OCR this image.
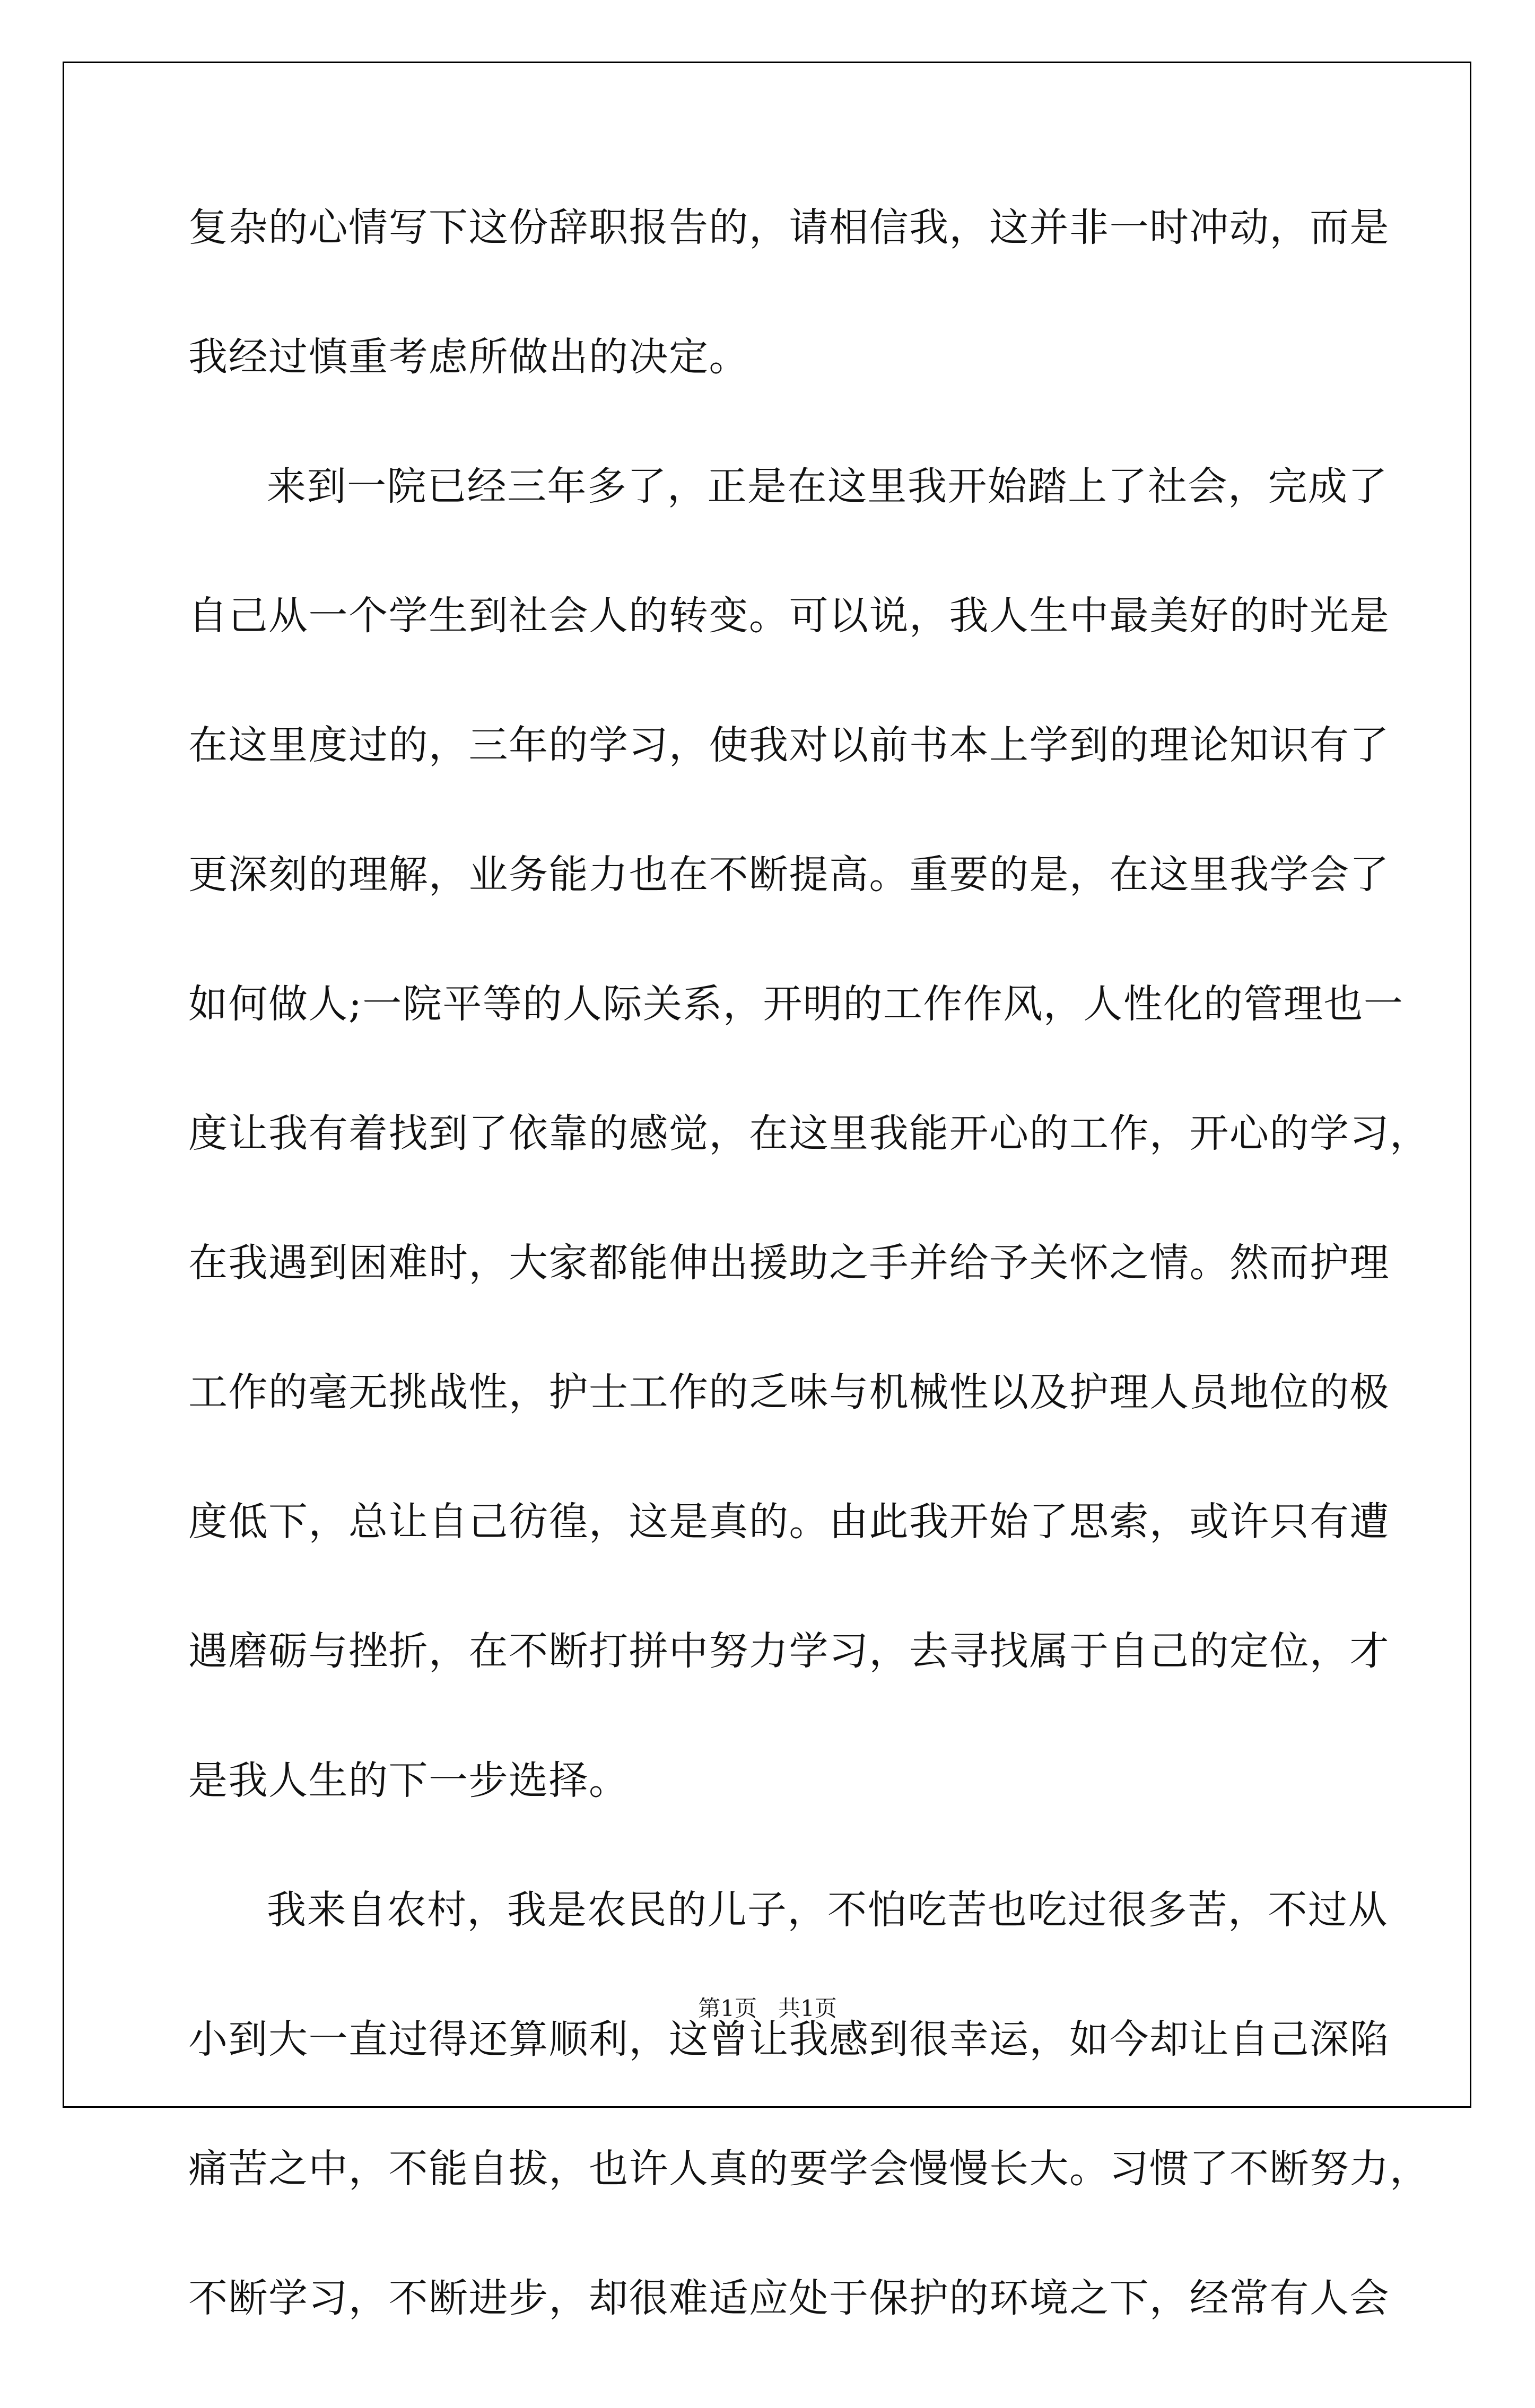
复杂的心情写下这份辞职报告的，请相信我，这并非一时冲动，而是
我经过慎重考虑所做出的决定。
来到一院已经三年多了，正是在这里我开始踏上了社会，完成了
自己从一个学生到社会人的转变。可以说，我人生中最美好的时光是
在这里度过的，三年的学习，使我对以前书本上学到的理论知识有了
更深刻的理解，业务能力也在不断提高。重要的是，在这里我学会了
如何做人;一院平等的人际关系，开明的工作作风，人性化的管理也一
度让我有着找到了依靠的感觉，在这里我能开心的工作，开心的学习，
在我遇到困难时，大家都能伸出援助之手并给予关怀之情。然而护理
工作的毫无挑战性，护士工作的乏味与机械性以及护理人员地位的极
度低下，总让自己彷徨，这是真的。由此我开始了思索，或许只有遭
遇磨砺与挫折，在不断打拼中努力学习，去寻找属于自己的定位，才
是我人生的下一步选择。
我来自农村，我是农民的儿子，不怕吃苦也吃过很多苦，不过从
小到大一直过得还算顺利，这曾让我感到很幸运，如今却让自己深陷
痛苦之中，不能自拔，也许人真的要学会慢慢长大。习惯了不断努力，
不断学习，不断进步，却很难适应处于保护的环境之下，经常有人会
第1页   共1页
